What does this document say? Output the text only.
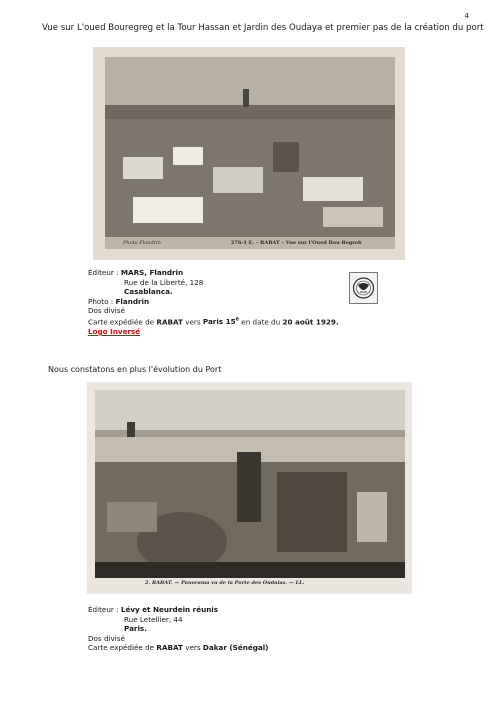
4
Vue sur L'oued Bouregreg et la Tour Hassan et Jardin des Oudaya et premier pas de la création du port
Photo Flandrin	276-1 E. – RABAT – Vue sur l'Oued Bou Regreb
Éditeur : MARS, Flandrin
Rue de la Liberté, 128
Casablanca.
Photo : Flandrin
Dos divisé
Carte expédiée de RABAT vers Paris $15^è$ en date du 20 août 1929.
Logo Inversé
Nous constatons en plus l'évolution du Port
2. RABAT. — Panorama vu de la Porte des Oudaïas. — LL.
Éditeur : Lévy et Neurdein réunis
Rue Letellier, 44
Paris.
Dos divisé
Carte expédiée de RABAT vers Dakar (Sénégal)
